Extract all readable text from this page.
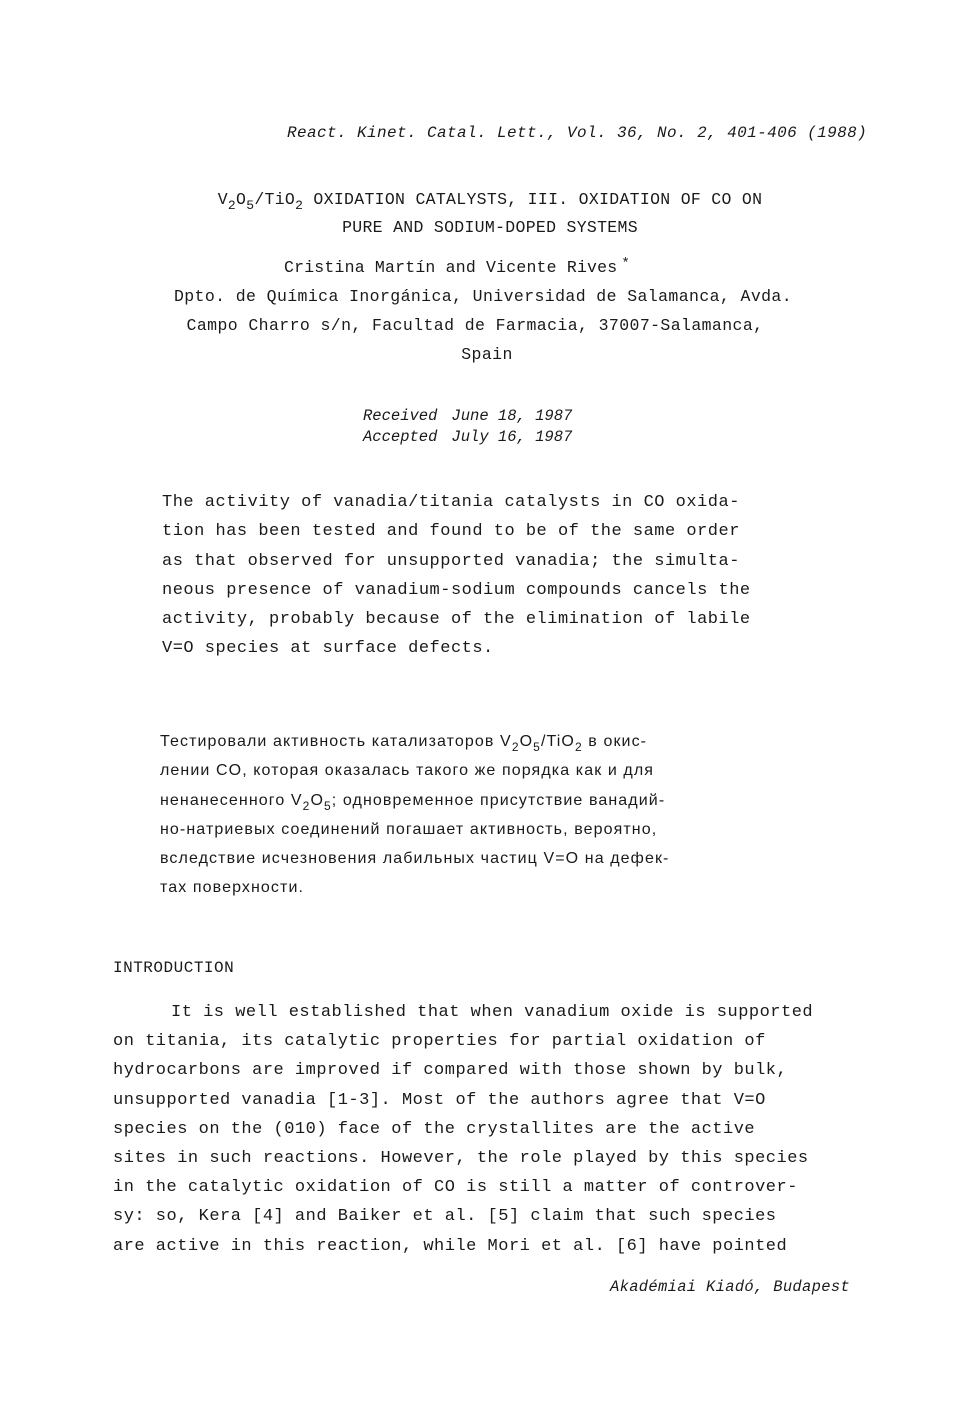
React. Kinet. Catal. Lett., Vol. 36, No. 2, 401-406 (1988)
$V_2O_5/TiO_2$ OXIDATION CATALYSTS, III. OXIDATION OF CO ON
PURE AND SODIUM-DOPED SYSTEMS
Cristina Martín and Vicente Rives *
Dpto. de Química Inorgánica, Universidad de Salamanca, Avda.
Campo Charro s/n, Facultad de Farmacia, 37007-Salamanca,
Spain
Received	June 18, 1987
Accepted	July 16, 1987
The activity of vanadia/titania catalysts in CO oxida-
tion has been tested and found to be of the same order
as that observed for unsupported vanadia; the simulta-
neous presence of vanadium-sodium compounds cancels the
activity, probably because of the elimination of labile
V=O species at surface defects.
Тестировали активность катализаторов $V_2O_5/TiO_2$ в окис-
лении CO, которая оказалась такого же порядка как и для
ненанесенного $V_2O_5$; одновременное присутствие ванадий-
но-натриевых соединений погашает активность, вероятно,
вследствие исчезновения лабильных частиц V=O на дефек-
тах поверхности.
INTRODUCTION
It is well established that when vanadium oxide is supported
on titania, its catalytic properties for partial oxidation of
hydrocarbons are improved if compared with those shown by bulk,
unsupported vanadia [1-3]. Most of the authors agree that V=O
species on the (010) face of the crystallites are the active
sites in such reactions. However, the role played by this species
in the catalytic oxidation of CO is still a matter of controver-
sy: so, Kera [4] and Baiker et al. [5] claim that such species
are active in this reaction, while Mori et al. [6] have pointed
Akadémiai Kiadó, Budapest
